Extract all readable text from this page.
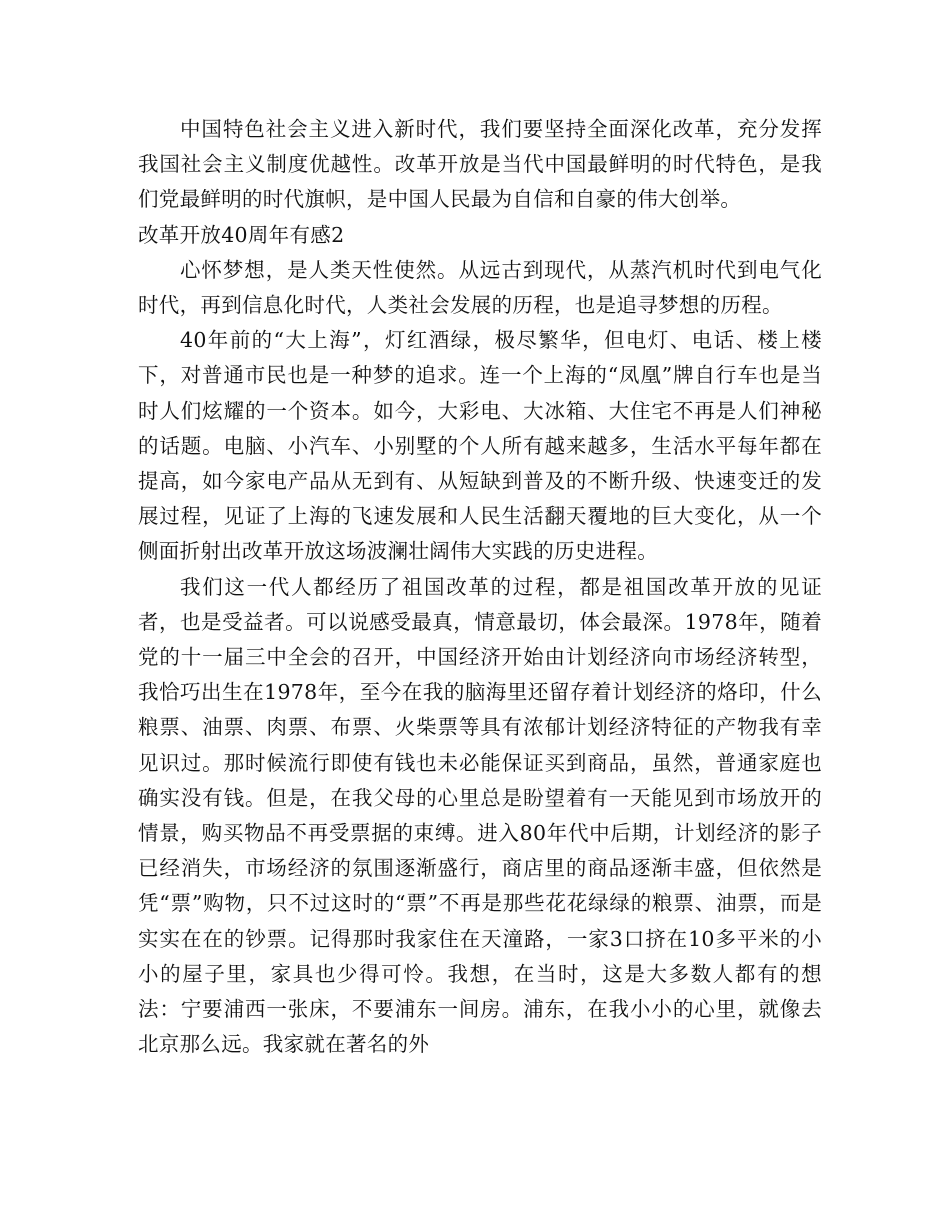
中国特色社会主义进入新时代，我们要坚持全面深化改革，充分发挥我国社会主义制度优越性。改革开放是当代中国最鲜明的时代特色，是我们党最鲜明的时代旗帜，是中国人民最为自信和自豪的伟大创举。

改革开放40周年有感2

心怀梦想，是人类天性使然。从远古到现代，从蒸汽机时代到电气化时代，再到信息化时代，人类社会发展的历程，也是追寻梦想的历程。

40年前的“大上海”，灯红酒绿，极尽繁华，但电灯、电话、楼上楼下，对普通市民也是一种梦的追求。连一个上海的“凤凰”牌自行车也是当时人们炫耀的一个资本。如今，大彩电、大冰箱、大住宅不再是人们神秘的话题。电脑、小汽车、小别墅的个人所有越来越多，生活水平每年都在提高，如今家电产品从无到有、从短缺到普及的不断升级、快速变迁的发展过程，见证了上海的飞速发展和人民生活翻天覆地的巨大变化，从一个侧面折射出改革开放这场波澜壮阔伟大实践的历史进程。

我们这一代人都经历了祖国改革的过程，都是祖国改革开放的见证者，也是受益者。可以说感受最真，情意最切，体会最深。1978年，随着党的十一届三中全会的召开，中国经济开始由计划经济向市场经济转型，我恰巧出生在1978年，至今在我的脑海里还留存着计划经济的烙印，什么粮票、油票、肉票、布票、火柴票等具有浓郁计划经济特征的产物我有幸见识过。那时候流行即使有钱也未必能保证买到商品，虽然，普通家庭也确实没有钱。但是，在我父母的心里总是盼望着有一天能见到市场放开的情景，购买物品不再受票据的束缚。进入80年代中后期，计划经济的影子已经消失，市场经济的氛围逐渐盛行，商店里的商品逐渐丰盛，但依然是凭“票”购物，只不过这时的“票”不再是那些花花绿绿的粮票、油票，而是实实在在的钞票。记得那时我家住在天潼路，一家3口挤在10多平米的小小的屋子里，家具也少得可怜。我想，在当时，这是大多数人都有的想法：宁要浦西一张床，不要浦东一间房。浦东，在我小小的心里，就像去北京那么远。我家就在著名的外
